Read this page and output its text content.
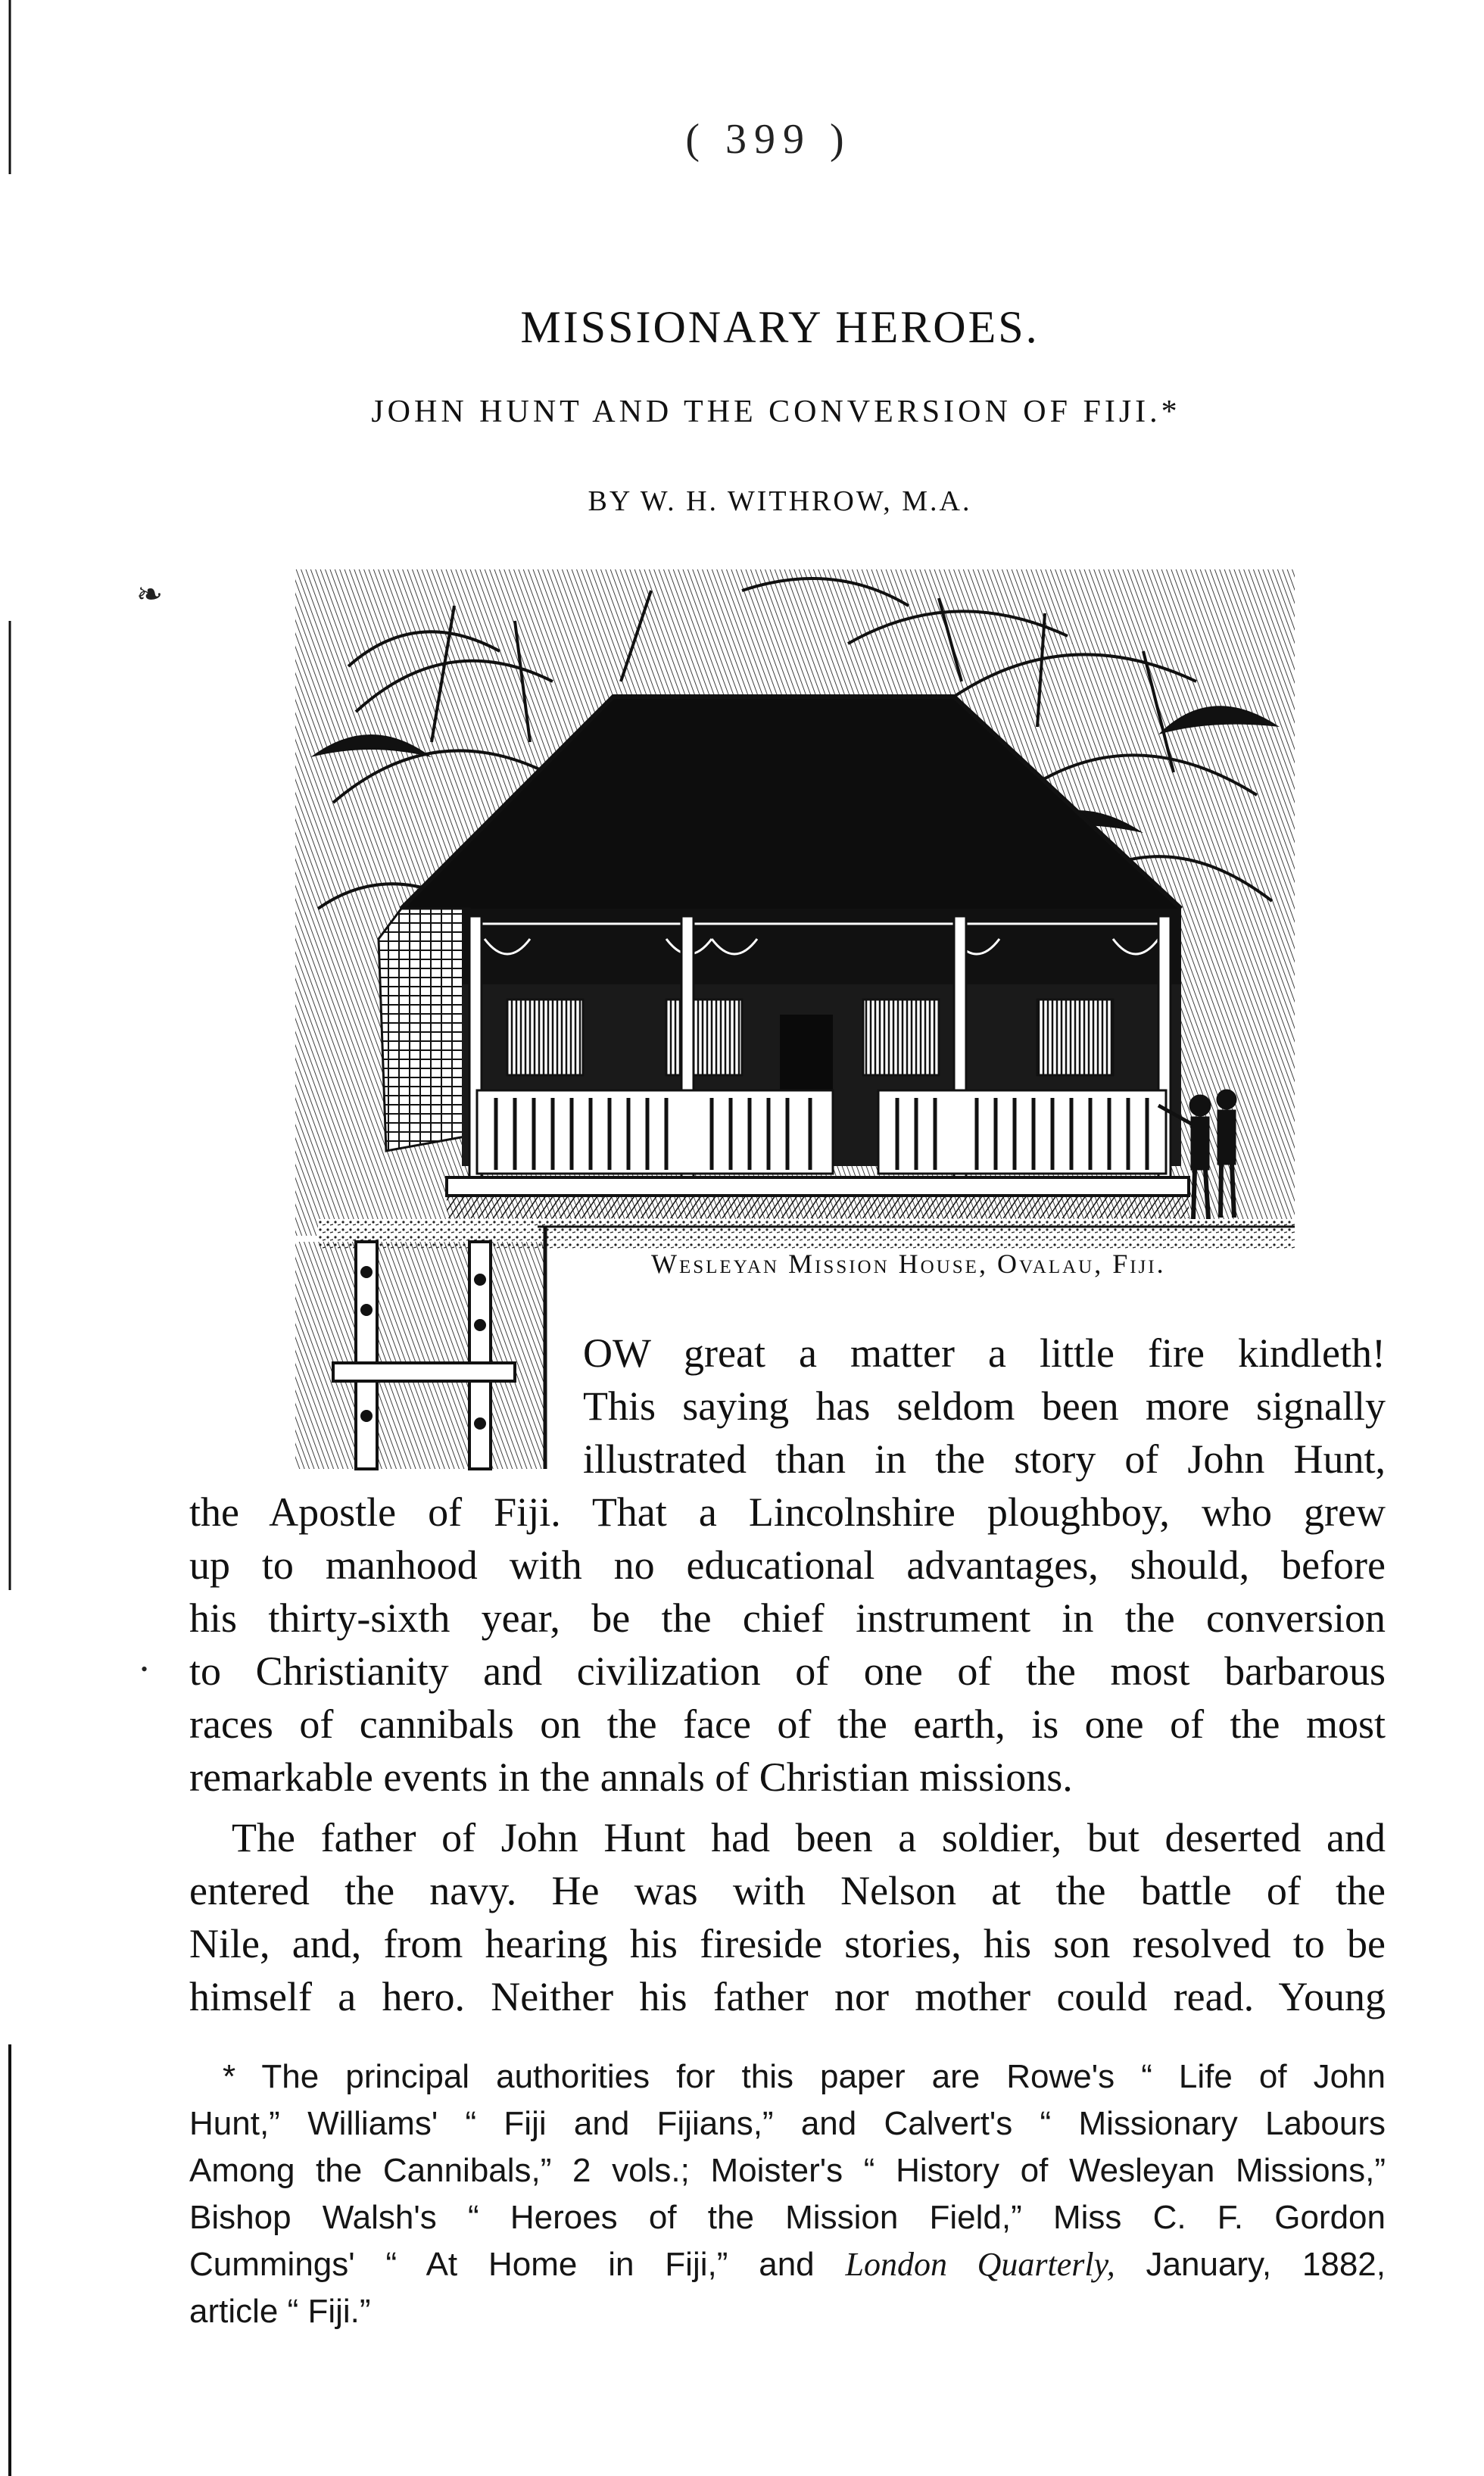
( 399 )
MISSIONARY HEROES.
JOHN HUNT AND THE CONVERSION OF FIJI.*
BY W. H. WITHROW, M.A.
❧
•
Wesleyan Mission House, Ovalau, Fiji.
OW great a matter a little fire kindleth!
This saying has seldom been more signally
illustrated than in the story of John Hunt,
the Apostle of Fiji. That a Lincolnshire ploughboy, who grew
up to manhood with no educational advantages, should, before
his thirty-sixth year, be the chief instrument in the conversion
to Christianity and civilization of one of the most barbarous
races of cannibals on the face of the earth, is one of the most
remarkable events in the annals of Christian missions.
The father of John Hunt had been a soldier, but deserted and
entered the navy. He was with Nelson at the battle of the
Nile, and, from hearing his fireside stories, his son resolved to be
himself a hero. Neither his father nor mother could read. Young
* The principal authorities for this paper are Rowe's “ Life of John
Hunt,” Williams' “ Fiji and Fijians,” and Calvert's “ Missionary Labours
Among the Cannibals,” 2 vols.; Moister's “ History of Wesleyan Missions,”
Bishop Walsh's “ Heroes of the Mission Field,” Miss C. F. Gordon
Cummings' “ At Home in Fiji,” and London Quarterly, January, 1882,
article “ Fiji.”
